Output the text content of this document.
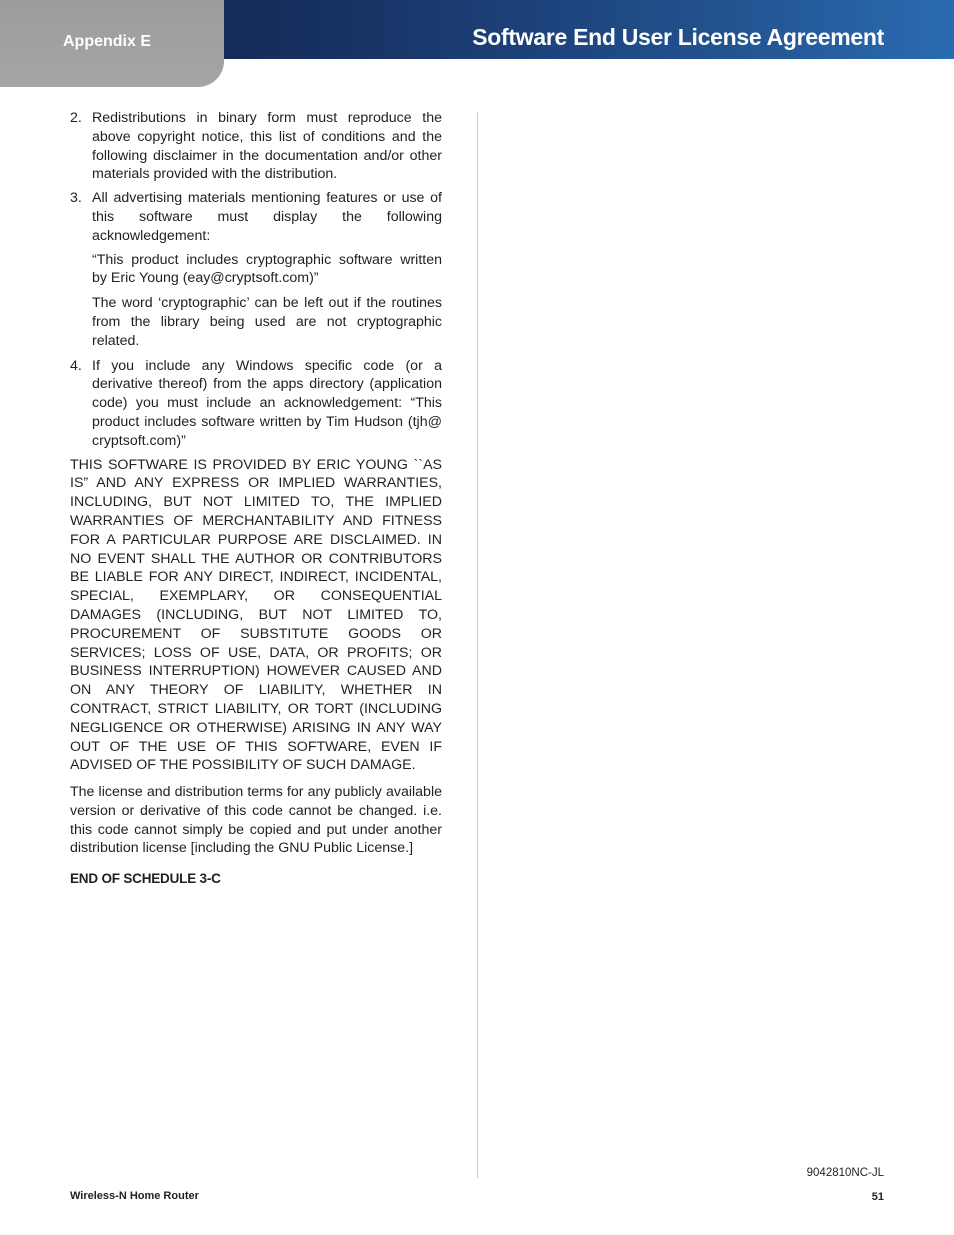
Appendix E	Software End User License Agreement
2. Redistributions in binary form must reproduce the above copyright notice, this list of conditions and the following disclaimer in the documentation and/or other materials provided with the distribution.
3. All advertising materials mentioning features or use of this software must display the following acknowledgement:
“This product includes cryptographic software written by Eric Young (eay@cryptsoft.com)”
The word ‘cryptographic’ can be left out if the routines from the library being used are not cryptographic related.
4. If you include any Windows specific code (or a derivative thereof) from the apps directory (application code) you must include an acknowledgement: “This product includes software written by Tim Hudson (tjh@ cryptsoft.com)”

THIS SOFTWARE IS PROVIDED BY ERIC YOUNG ``AS IS” AND ANY EXPRESS OR IMPLIED WARRANTIES, INCLUDING, BUT NOT LIMITED TO, THE IMPLIED WARRANTIES OF MERCHANTABILITY AND FITNESS FOR A PARTICULAR PURPOSE ARE DISCLAIMED. IN NO EVENT SHALL THE AUTHOR OR CONTRIBUTORS BE LIABLE FOR ANY DIRECT, INDIRECT, INCIDENTAL, SPECIAL, EXEMPLARY, OR CONSEQUENTIAL DAMAGES (INCLUDING, BUT NOT LIMITED TO, PROCUREMENT OF SUBSTITUTE GOODS OR SERVICES; LOSS OF USE, DATA, OR PROFITS; OR BUSINESS INTERRUPTION) HOWEVER CAUSED AND ON ANY THEORY OF LIABILITY, WHETHER IN CONTRACT, STRICT LIABILITY, OR TORT (INCLUDING NEGLIGENCE OR OTHERWISE) ARISING IN ANY WAY OUT OF THE USE OF THIS SOFTWARE, EVEN IF ADVISED OF THE POSSIBILITY OF SUCH DAMAGE.

The license and distribution terms for any publicly available version or derivative of this code cannot be changed. i.e. this code cannot simply be copied and put under another distribution license [including the GNU Public License.]

END OF SCHEDULE 3-C
9042810NC-JL
Wireless-N Home Router	51
